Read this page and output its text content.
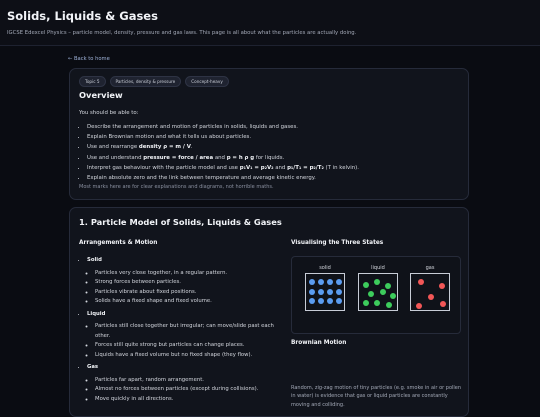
Solids, Liquids & Gases
IGCSE Edexcel Physics – particle model, density, pressure and gas laws. This page is all about what the particles are actually doing.
← Back to home
Topic 5	Particles, density & pressure	Concept-heavy
Overview
You should be able to:
• Describe the arrangement and motion of particles in solids, liquids and gases.
• Explain Brownian motion and what it tells us about particles.
• Use and rearrange density ρ = m / V.
• Use and understand pressure = force / area and p = h ρ g for liquids.
• Interpret gas behaviour with the particle model and use p₁V₁ = p₂V₂ and p₁/T₁ = p₂/T₂ (T in kelvin).
• Explain absolute zero and the link between temperature and average kinetic energy.
Most marks here are for clear explanations and diagrams, not horrible maths.
1. Particle Model of Solids, Liquids & Gases
Arrangements & Motion	Visualising the Three States
• Solid
◦ Particles very close together, in a regular pattern.
◦ Strong forces between particles.
◦ Particles vibrate about fixed positions.
◦ Solids have a fixed shape and fixed volume.
• Liquid
◦ Particles still close together but irregular; can move/slide past each other.
◦ Forces still quite strong but particles can change places.
◦ Liquids have a fixed volume but no fixed shape (they flow).
• Gas
◦ Particles far apart, random arrangement.
◦ Almost no forces between particles (except during collisions).
◦ Move quickly in all directions.
solid	liquid	gas
Brownian Motion
Random, zig-zag motion of tiny particles (e.g. smoke in air or pollen in water) is evidence that gas or liquid particles are constantly moving and colliding.
